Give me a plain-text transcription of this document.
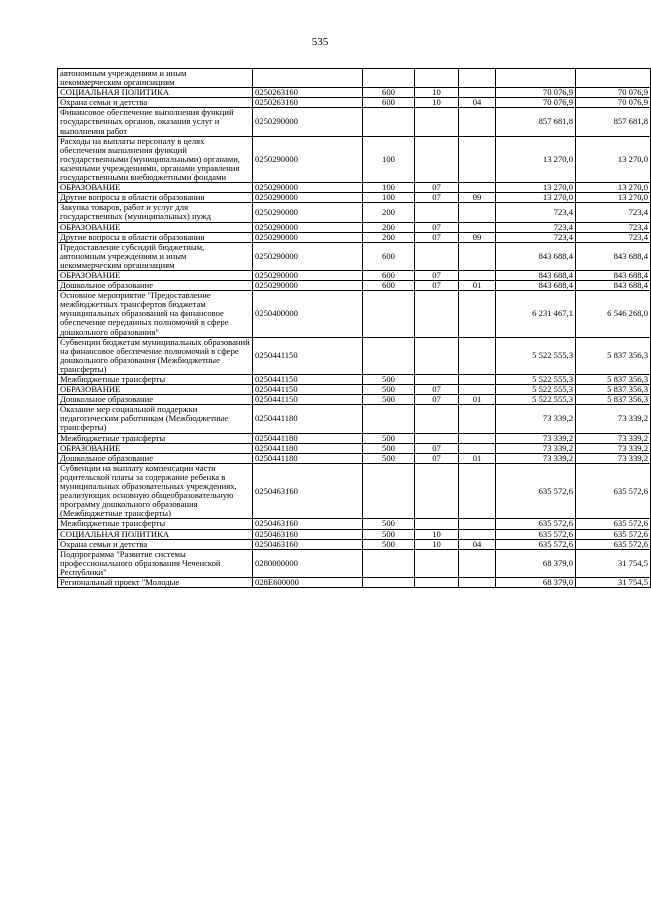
535
автономным учреждениям и иным некоммерческим организациям						
СОЦИАЛЬНАЯ ПОЛИТИКА	0250263160	600	10		70 076,9	70 076,9
Охрана семьи и детства	0250263160	600	10	04	70 076,9	70 076,9
Финансовое обеспечение выполнения функций государственных органов, оказания услуг и выполнения работ	0250290000				857 681,8	857 681,8
Расходы на выплаты персоналу в целях обеспечения выполнения функций государственными (муниципальными) органами, казенными учреждениями, органами управления государственными внебюджетными фондами	0250290000	100			13 270,0	13 270,0
ОБРАЗОВАНИЕ	0250290000	100	07		13 270,0	13 270,0
Другие вопросы в области образования	0250290000	100	07	09	13 270,0	13 270,0
Закупка товаров, работ и услуг для государственных (муниципальных) нужд	0250290000	200			723,4	723,4
ОБРАЗОВАНИЕ	0250290000	200	07		723,4	723,4
Другие вопросы в области образования	0250290000	200	07	09	723,4	723,4
Предоставление субсидий бюджетным, автономным учреждениям и иным некоммерческим организациям	0250290000	600			843 688,4	843 688,4
ОБРАЗОВАНИЕ	0250290000	600	07		843 688,4	843 688,4
Дошкольное образование	0250290000	600	07	01	843 688,4	843 688,4
Основное мероприятие "Предоставление межбюджетных трансфертов бюджетам муниципальных образований на финансовое обеспечение переданных полномочий в сфере дошкольного образования"	0250400000				6 231 467,1	6 546 268,0
Субвенции бюджетам муниципальных образований на финансовое обеспечение полномочий в сфере дошкольного образования (Межбюджетные трансферты)	0250441150				5 522 555,3	5 837 356,3
Межбюджетные трансферты	0250441150	500			5 522 555,3	5 837 356,3
ОБРАЗОВАНИЕ	0250441150	500	07		5 522 555,3	5 837 356,3
Дошкольное образование	0250441150	500	07	01	5 522 555,3	5 837 356,3
Оказание мер социальной поддержки педагогическим работникам (Межбюджетные трансферты)	0250441180				73 339,2	73 339,2
Межбюджетные трансферты	0250441180	500			73 339,2	73 339,2
ОБРАЗОВАНИЕ	0250441180	500	07		73 339,2	73 339,2
Дошкольное образование	0250441180	500	07	01	73 339,2	73 339,2
Субвенции на выплату компенсации части родительской платы за содержание ребенка в муниципальных образовательных учреждениях, реализующих основную общеобразовательную программу дошкольного образования (Межбюджетные трансферты)	0250463160				635 572,6	635 572,6
Межбюджетные трансферты	0250463160	500			635 572,6	635 572,6
СОЦИАЛЬНАЯ ПОЛИТИКА	0250463160	500	10		635 572,6	635 572,6
Охрана семьи и детства	0250463160	500	10	04	635 572,6	635 572,6
Подпрограмма "Развитие системы профессионального образования Чеченской Республики"	0280000000				68 379,0	31 754,5
Региональный проект "Молодые	028E600000				68 379,0	31 754,5
